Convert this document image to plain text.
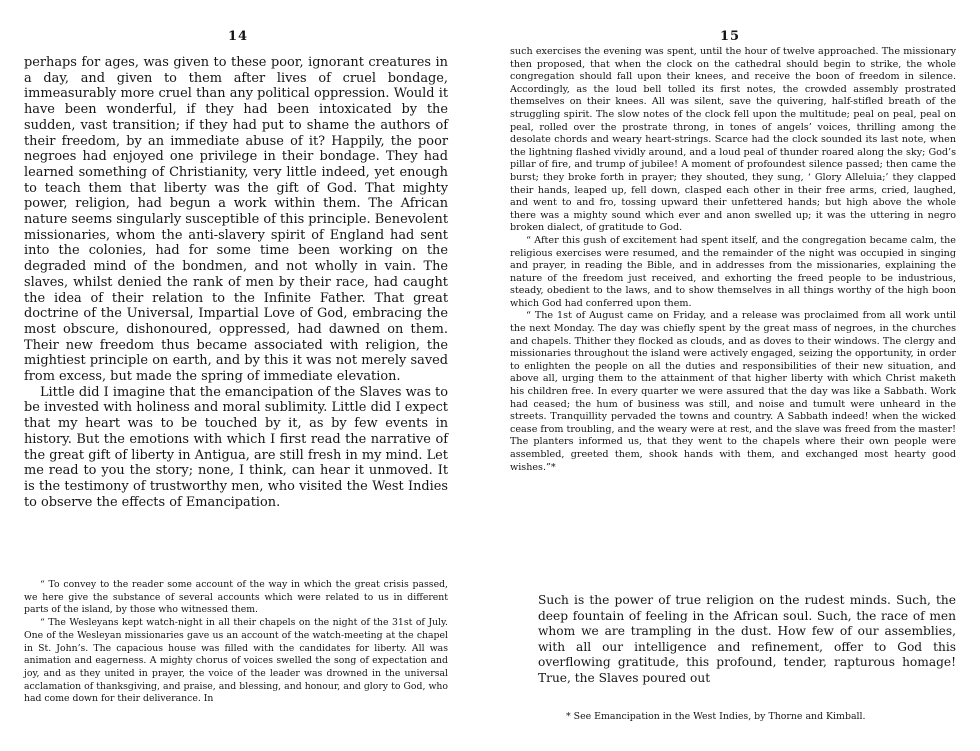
14

perhaps for ages, was given to these poor, ignorant creatures in a day, and given to them after lives of cruel bondage, immeasurably more cruel than any political oppression. Would it have been wonderful, if they had been intoxicated by the sudden, vast transition; if they had put to shame the authors of their freedom, by an immediate abuse of it? Happily, the poor negroes had enjoyed one privilege in their bondage. They had learned something of Christianity, very little indeed, yet enough to teach them that liberty was the gift of God. That mighty power, religion, had begun a work within them. The African nature seems singularly susceptible of this principle. Benevolent missionaries, whom the anti-slavery spirit of England had sent into the colonies, had for some time been working on the degraded mind of the bondmen, and not wholly in vain. The slaves, whilst denied the rank of men by their race, had caught the idea of their relation to the Infinite Father. That great doctrine of the Universal, Impartial Love of God, embracing the most obscure, dishonoured, oppressed, had dawned on them. Their new freedom thus became associated with religion, the mightiest principle on earth, and by this it was not merely saved from excess, but made the spring of immediate elevation.

Little did I imagine that the emancipation of the Slaves was to be invested with holiness and moral sublimity. Little did I expect that my heart was to be touched by it, as by few events in history. But the emotions with which I first read the narrative of the great gift of liberty in Antigua, are still fresh in my mind. Let me read to you the story; none, I think, can hear it unmoved. It is the testimony of trustworthy men, who visited the West Indies to observe the effects of Emancipation.

“ To convey to the reader some account of the way in which the great crisis passed, we here give the substance of several accounts which were related to us in different parts of the island, by those who witnessed them.

“ The Wesleyans kept watch-night in all their chapels on the night of the 31st of July. One of the Wesleyan missionaries gave us an account of the watch-meeting at the chapel in St. John’s. The capacious house was filled with the candidates for liberty. All was animation and eagerness. A mighty chorus of voices swelled the song of expectation and joy, and as they united in prayer, the voice of the leader was drowned in the universal acclamation of thanksgiving, and praise, and blessing, and honour, and glory to God, who had come down for their deliverance. In

15

such exercises the evening was spent, until the hour of twelve approached. The missionary then proposed, that when the clock on the cathedral should begin to strike, the whole congregation should fall upon their knees, and receive the boon of freedom in silence. Accordingly, as the loud bell tolled its first notes, the crowded assembly prostrated themselves on their knees. All was silent, save the quivering, half-stifled breath of the struggling spirit. The slow notes of the clock fell upon the multitude; peal on peal, peal on peal, rolled over the prostrate throng, in tones of angels’ voices, thrilling among the desolate chords and weary heart-strings. Scarce had the clock sounded its last note, when the lightning flashed vividly around, and a loud peal of thunder roared along the sky; God’s pillar of fire, and trump of jubilee! A moment of profoundest silence passed; then came the burst; they broke forth in prayer; they shouted, they sung, ‘ Glory Alleluia;’ they clapped their hands, leaped up, fell down, clasped each other in their free arms, cried, laughed, and went to and fro, tossing upward their unfettered hands; but high above the whole there was a mighty sound which ever and anon swelled up; it was the uttering in negro broken dialect, of gratitude to God.

“ After this gush of excitement had spent itself, and the congregation became calm, the religious exercises were resumed, and the remainder of the night was occupied in singing and prayer, in reading the Bible, and in addresses from the missionaries, explaining the nature of the freedom just received, and exhorting the freed people to be industrious, steady, obedient to the laws, and to show themselves in all things worthy of the high boon which God had conferred upon them.

“ The 1st of August came on Friday, and a release was proclaimed from all work until the next Monday. The day was chiefly spent by the great mass of negroes, in the churches and chapels. Thither they flocked as clouds, and as doves to their windows. The clergy and missionaries throughout the island were actively engaged, seizing the opportunity, in order to enlighten the people on all the duties and responsibilities of their new situation, and above all, urging them to the attainment of that higher liberty with which Christ maketh his children free. In every quarter we were assured that the day was like a Sabbath. Work had ceased; the hum of business was still, and noise and tumult were unheard in the streets. Tranquillity pervaded the towns and country. A Sabbath indeed! when the wicked cease from troubling, and the weary were at rest, and the slave was freed from the master! The planters informed us, that they went to the chapels where their own people were assembled, greeted them, shook hands with them, and exchanged most hearty good wishes.”*

Such is the power of true religion on the rudest minds. Such, the deep fountain of feeling in the African soul. Such, the race of men whom we are trampling in the dust. How few of our assemblies, with all our intelligence and refinement, offer to God this overflowing gratitude, this profound, tender, rapturous homage! True, the Slaves poured out

* See Emancipation in the West Indies, by Thorne and Kimball.
